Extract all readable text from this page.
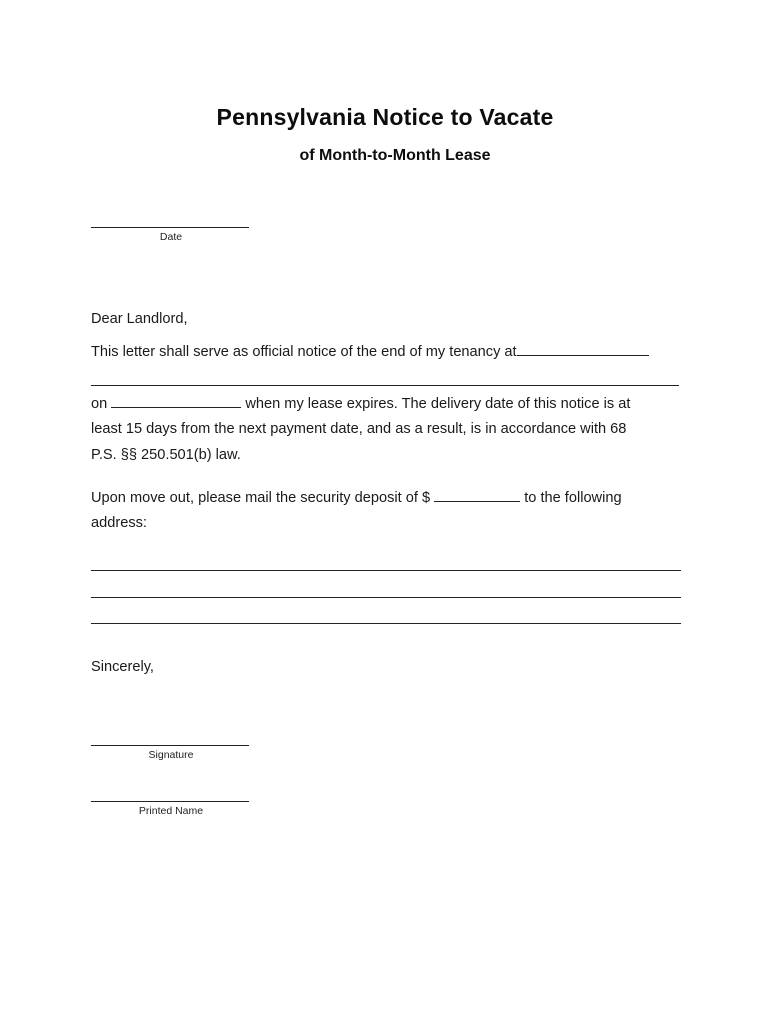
Pennsylvania Notice to Vacate
of Month-to-Month Lease
Date
Dear Landlord,
This letter shall serve as official notice of the end of my tenancy at
on	when my lease expires. The delivery date of this notice is at
least 15 days from the next payment date, and as a result, is in accordance with 68
P.S. §§ 250.501(b) law.
Upon move out, please mail the security deposit of $	to the following
address:
Sincerely,
Signature
Printed Name
